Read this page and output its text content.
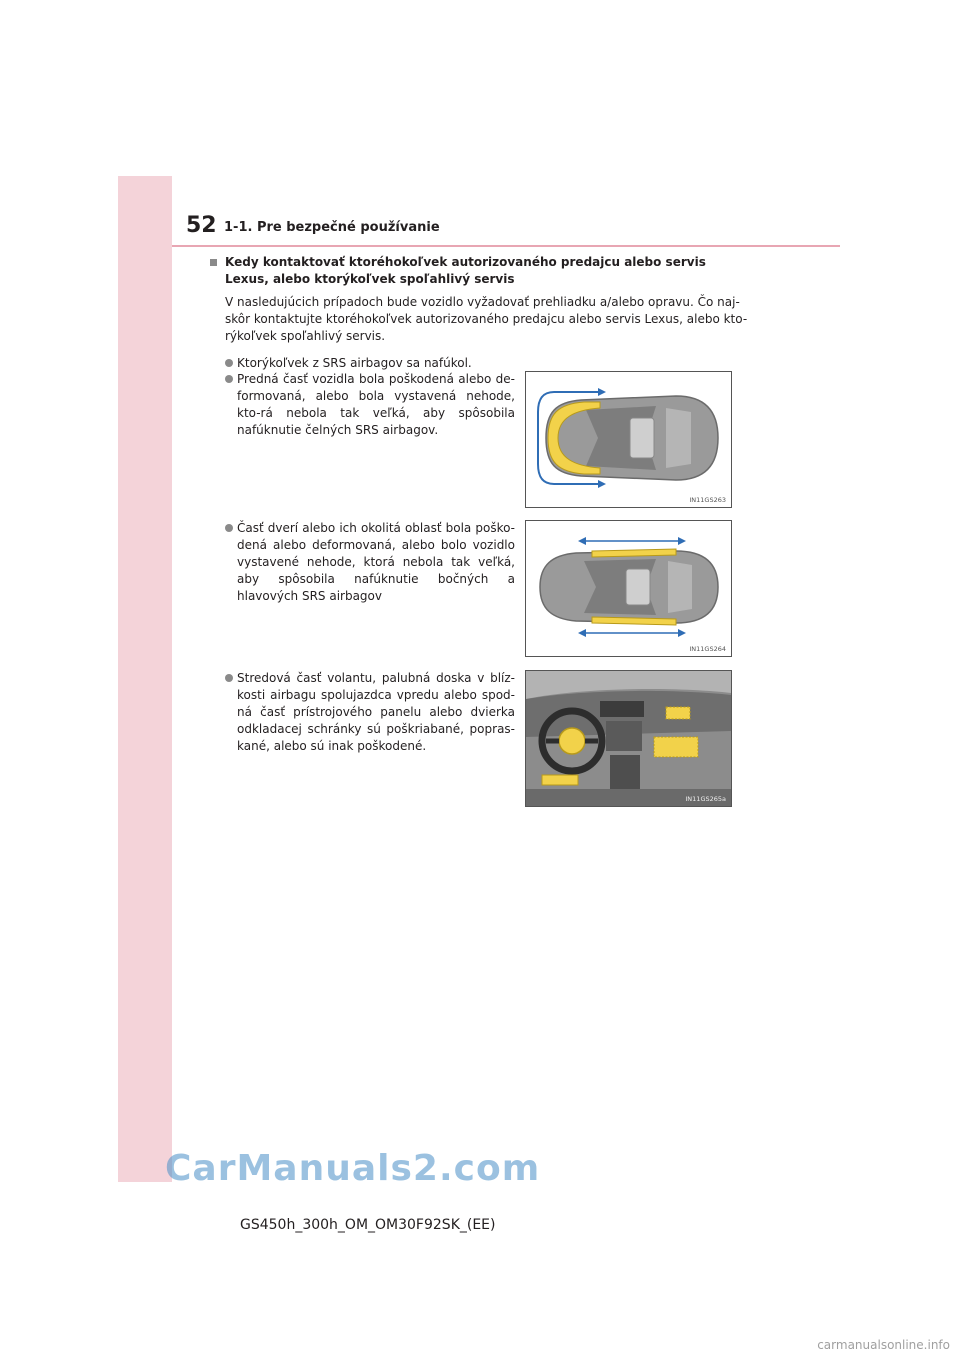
52 1-1. Pre bezpečné používanie
Kedy kontaktovať ktoréhokoľvek autorizovaného predajcu alebo servis Lexus, alebo ktorýkoľvek spoľahlivý servis
V nasledujúcich prípadoch bude vozidlo vyžadovať prehliadku a/alebo opravu. Čo naj-skôr kontaktujte ktoréhokoľvek autorizovaného predajcu alebo servis Lexus, alebo kto-rýkoľvek spoľahlivý servis.
Ktorýkoľvek z SRS airbagov sa nafúkol.
Predná časť vozidla bola poškodená alebo de-formovaná, alebo bola vystavená nehode, kto-rá nebola tak veľká, aby spôsobila nafúknutie čelných SRS airbagov.
IN11GS263
Časť dverí alebo ich okolitá oblasť bola poško-dená alebo deformovaná, alebo bolo vozidlo vystavené nehode, ktorá nebola tak veľká, aby spôsobila nafúknutie bočných a hlavových SRS airbagov
IN11GS264
Stredová časť volantu, palubná doska v blíz-kosti airbagu spolujazdca vpredu alebo spod-ná časť prístrojového panelu alebo dvierka odkladacej schránky sú poškriabané, popras-kané, alebo sú inak poškodené.
IN11GS265a
CarManuals2.com
GS450h_300h_OM_OM30F92SK_(EE)
carmanualsonline.info
